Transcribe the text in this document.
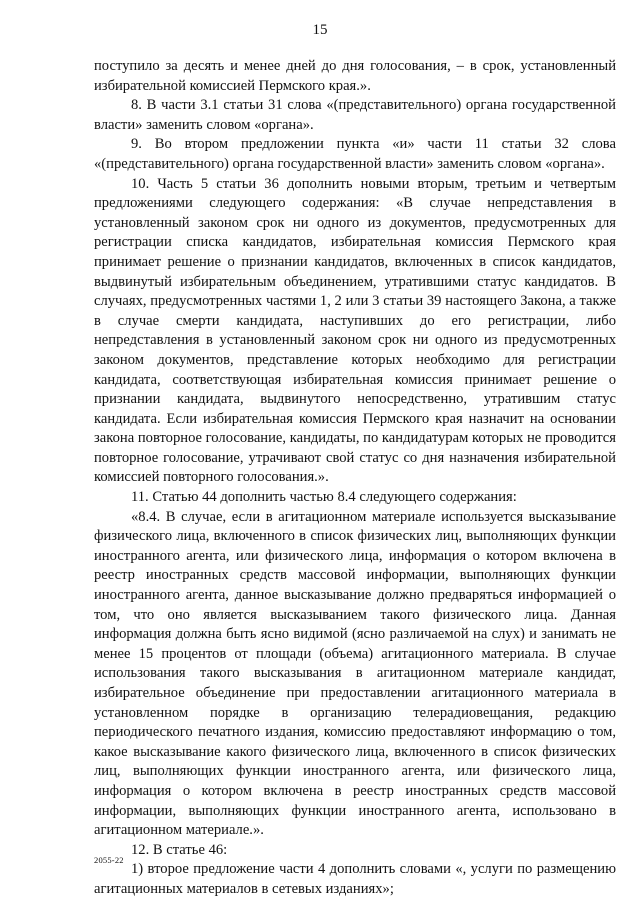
15

поступило за десять и менее дней до дня голосования, – в срок, установленный избирательной комиссией Пермского края.».

8. В части 3.1 статьи 31 слова «(представительного) органа государственной власти» заменить словом «органа».

9. Во втором предложении пункта «и» части 11 статьи 32 слова «(представительного) органа государственной власти» заменить словом «органа».

10. Часть 5 статьи 36 дополнить новыми вторым, третьим и четвертым предложениями следующего содержания: «В случае непредставления в установленный законом срок ни одного из документов, предусмотренных для регистрации списка кандидатов, избирательная комиссия Пермского края принимает решение о признании кандидатов, включенных в список кандидатов, выдвинутый избирательным объединением, утратившими статус кандидатов. В случаях, предусмотренных частями 1, 2 или 3 статьи 39 настоящего Закона, а также в случае смерти кандидата, наступивших до его регистрации, либо непредставления в установленный законом срок ни одного из предусмотренных законом документов, представление которых необходимо для регистрации кандидата, соответствующая избирательная комиссия принимает решение о признании кандидата, выдвинутого непосредственно, утратившим статус кандидата. Если избирательная комиссия Пермского края назначит на основании закона повторное голосование, кандидаты, по кандидатурам которых не проводится повторное голосование, утрачивают свой статус со дня назначения избирательной комиссией повторного голосования.».

11. Статью 44 дополнить частью 8.4 следующего содержания:

«8.4. В случае, если в агитационном материале используется высказывание физического лица, включенного в список физических лиц, выполняющих функции иностранного агента, или физического лица, информация о котором включена в реестр иностранных средств массовой информации, выполняющих функции иностранного агента, данное высказывание должно предваряться информацией о том, что оно является высказыванием такого физического лица. Данная информация должна быть ясно видимой (ясно различаемой на слух) и занимать не менее 15 процентов от площади (объема) агитационного материала. В случае использования такого высказывания в агитационном материале кандидат, избирательное объединение при предоставлении агитационного материала в установленном порядке в организацию телерадиовещания, редакцию периодического печатного издания, комиссию предоставляют информацию о том, какое высказывание какого физического лица, включенного в список физических лиц, выполняющих функции иностранного агента, или физического лица, информация о котором включена в реестр иностранных средств массовой информации, выполняющих функции иностранного агента, использовано в агитационном материале.».

12. В статье 46:

1) второе предложение части 4 дополнить словами «, услуги по размещению агитационных материалов в сетевых изданиях»;

2055-22
